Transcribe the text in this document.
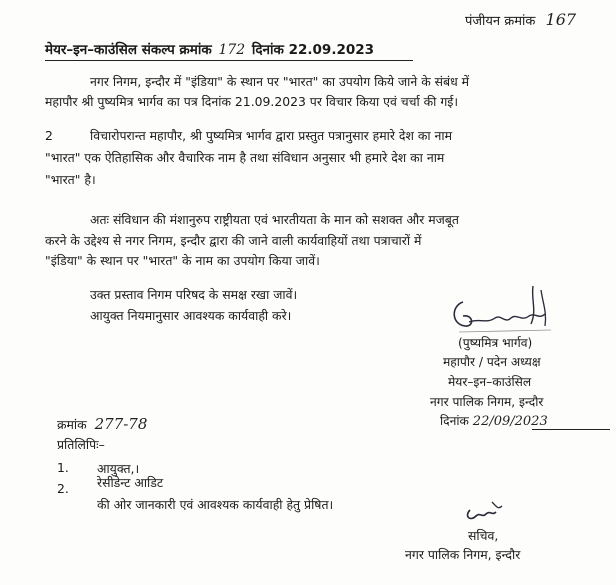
पंजीयन क्रमांक 167
मेयर–इन–काउंसिल संकल्प क्रमांक 172 दिनांक 22.09.2023
नगर निगम, इन्दौर में "इंडिया" के स्थान पर "भारत" का उपयोग किये जाने के संबंध में
महापौर श्री पुष्यमित्र भार्गव का पत्र दिनांक 21.09.2023 पर विचार किया एवं चर्चा की गई।
2	विचारोपरान्त महापौर, श्री पुष्यमित्र भार्गव द्वारा प्रस्तुत पत्रानुसार हमारे देश का नाम
"भारत" एक ऐतिहासिक और वैचारिक नाम है तथा संविधान अनुसार भी हमारे देश का नाम
"भारत" है।
अतः संविधान की मंशानुरुप राष्ट्रीयता एवं भारतीयता के मान को सशक्त और मजबूत
करने के उद्देश्य से नगर निगम, इन्दौर द्वारा की जाने वाली कार्यवाहियों तथा पत्राचारों में
"इंडिया" के स्थान पर "भारत" के नाम का उपयोग किया जावें।
उक्त प्रस्ताव निगम परिषद के समक्ष रखा जावें।
आयुक्त नियमानुसार आवश्यक कार्यवाही करे।
(पुष्यमित्र भार्गव)
महापौर / पदेन अध्यक्ष
मेयर–इन–काउंसिल
नगर पालिक निगम, इन्दौर
दिनांक 22/09/2023
क्रमांक 277-78
प्रतिलिपिः–
1. आयुक्त,।
2. रेसीडेन्ट आडिट
की ओर जानकारी एवं आवश्यक कार्यवाही हेतु प्रेषित।
सचिव,
नगर पालिक निगम, इन्दौर
